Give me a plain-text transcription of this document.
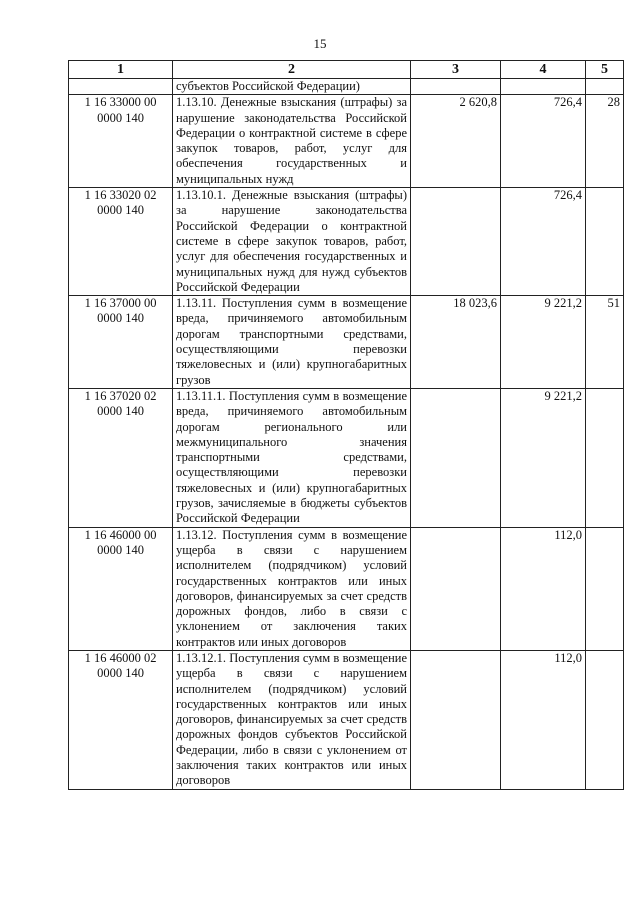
15
1	2	3	4	5
	субъектов Российской Федерации)			
1 16 33000 00 0000 140	1.13.10. Денежные взыскания (штрафы) за нарушение законодательства Российской Федерации о контрактной системе в сфере закупок товаров, работ, услуг для обеспечения государственных и муниципальных нужд	2 620,8	726,4	28
1 16 33020 02 0000 140	1.13.10.1. Денежные взыскания (штрафы) за нарушение законодательства Российской Федерации о контрактной системе в сфере закупок товаров, работ, услуг для обеспечения государственных и муниципальных нужд для нужд субъектов Российской Федерации		726,4	
1 16 37000 00 0000 140	1.13.11. Поступления сумм в возмещение вреда, причиняемого автомобильным дорогам транспортными средствами, осуществляющими перевозки тяжеловесных и (или) крупногабаритных грузов	18 023,6	9 221,2	51
1 16 37020 02 0000 140	1.13.11.1. Поступления сумм в возмещение вреда, причиняемого автомобильным дорогам регионального или межмуниципального значения транспортными средствами, осуществляющими перевозки тяжеловесных и (или) крупногабаритных грузов, зачисляемые в бюджеты субъектов Российской Федерации		9 221,2	
1 16 46000 00 0000 140	1.13.12. Поступления сумм в возмещение ущерба в связи с нарушением исполнителем (подрядчиком) условий государственных контрактов или иных договоров, финансируемых за счет средств дорожных фондов, либо в связи с уклонением от заключения таких контрактов или иных договоров		112,0	
1 16 46000 02 0000 140	1.13.12.1. Поступления сумм в возмещение ущерба в связи с нарушением исполнителем (подрядчиком) условий государственных контрактов или иных договоров, финансируемых за счет средств дорожных фондов субъектов Российской Федерации, либо в связи с уклонением от заключения таких контрактов или иных договоров		112,0	
